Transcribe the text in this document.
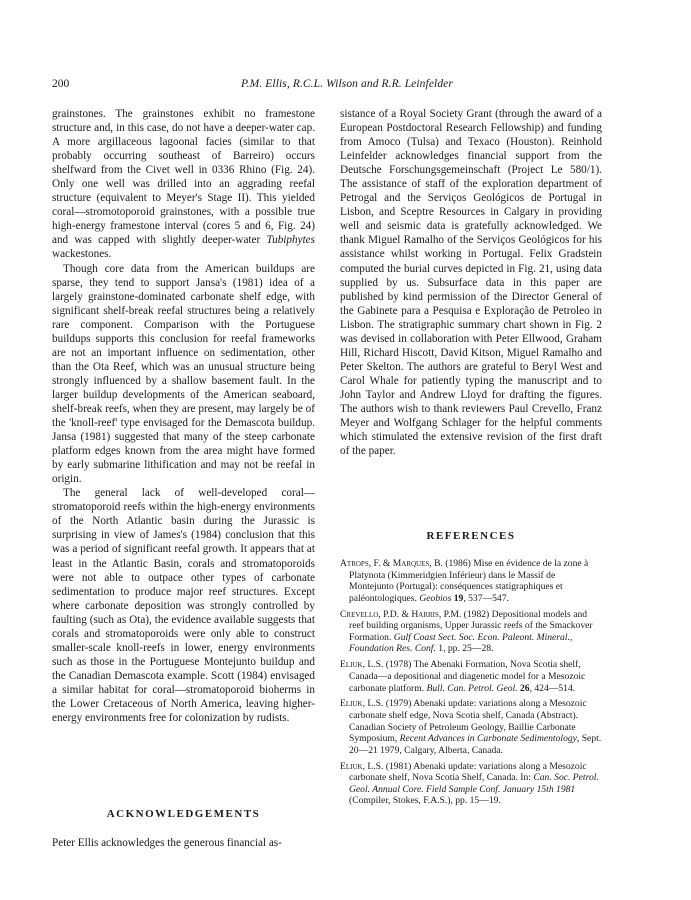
200	P.M. Ellis, R.C.L. Wilson and R.R. Leinfelder

grainstones. The grainstones exhibit no framestone structure and, in this case, do not have a deeper-water cap. A more argillaceous lagoonal facies (similar to that probably occurring southeast of Barreiro) occurs shelfward from the Civet well in 0336 Rhino (Fig. 24). Only one well was drilled into an aggrading reefal structure (equivalent to Meyer's Stage II). This yielded coral—stromotoporoid grainstones, with a possible true high-energy framestone interval (cores 5 and 6, Fig. 24) and was capped with slightly deeper-water Tubiphytes wackestones.

Though core data from the American buildups are sparse, they tend to support Jansa's (1981) idea of a largely grainstone-dominated carbonate shelf edge, with significant shelf-break reefal structures being a relatively rare component. Comparison with the Portuguese buildups supports this conclusion for reefal frameworks are not an important influence on sedimentation, other than the Ota Reef, which was an unusual structure being strongly influenced by a shallow basement fault. In the larger buildup developments of the American seaboard, shelf-break reefs, when they are present, may largely be of the 'knoll-reef' type envisaged for the Demascota buildup. Jansa (1981) suggested that many of the steep carbonate platform edges known from the area might have formed by early submarine lithification and may not be reefal in origin.

The general lack of well-developed coral—stromatoporoid reefs within the high-energy environments of the North Atlantic basin during the Jurassic is surprising in view of James's (1984) conclusion that this was a period of significant reefal growth. It appears that at least in the Atlantic Basin, corals and stromatoporoids were not able to outpace other types of carbonate sedimentation to produce major reef structures. Except where carbonate deposition was strongly controlled by faulting (such as Ota), the evidence available suggests that corals and stromatoporoids were only able to construct smaller-scale knoll-reefs in lower, energy environments such as those in the Portuguese Montejunto buildup and the Canadian Demascota example. Scott (1984) envisaged a similar habitat for coral—stromatoporoid bioherms in the Lower Cretaceous of North America, leaving higher-energy environments free for colonization by rudists.

ACKNOWLEDGEMENTS
Peter Ellis acknowledges the generous financial as-

sistance of a Royal Society Grant (through the award of a European Postdoctoral Research Fellowship) and funding from Amoco (Tulsa) and Texaco (Houston). Reinhold Leinfelder acknowledges financial support from the Deutsche Forschungsgemeinschaft (Project Le 580/1). The assistance of staff of the exploration department of Petrogal and the Serviços Geológicos de Portugal in Lisbon, and Sceptre Resources in Calgary in providing well and seismic data is gratefully acknowledged. We thank Miguel Ramalho of the Serviços Geológicos for his assistance whilst working in Portugal. Felix Gradstein computed the burial curves depicted in Fig. 21, using data supplied by us. Subsurface data in this paper are published by kind permission of the Director General of the Gabinete para a Pesquisa e Exploração de Petroleo in Lisbon. The stratigraphic summary chart shown in Fig. 2 was devised in collaboration with Peter Ellwood, Graham Hill, Richard Hiscott, David Kitson, Miguel Ramalho and Peter Skelton. The authors are grateful to Beryl West and Carol Whale for patiently typing the manuscript and to John Taylor and Andrew Lloyd for drafting the figures. The authors wish to thank reviewers Paul Crevello, Franz Meyer and Wolfgang Schlager for the helpful comments which stimulated the extensive revision of the first draft of the paper.

REFERENCES

Atrops, F. & Marques, B. (1986) Mise en évidence de la zone à Platynota (Kimmeridgien Inférieur) dans le Massif de Montejunto (Portugal): conséquences statigraphiques et paléontologiques. Geobios 19, 537—547.

Crevello, P.D. & Harris, P.M. (1982) Depositional models and reef building organisms, Upper Jurassic reefs of the Smackover Formation. Gulf Coast Sect. Soc. Econ. Paleont. Mineral., Foundation Res. Conf. 1, pp. 25—28.

Eliuk, L.S. (1978) The Abenaki Formation, Nova Scotia shelf, Canada—a depositional and diagenetic model for a Mesozoic carbonate platform. Bull. Can. Petrol. Geol. 26, 424—514.

Eliuk, L.S. (1979) Abenaki update: variations along a Mesozoic carbonate shelf edge, Nova Scotia shelf, Canada (Abstract). Canadian Society of Petroleum Geology, Baillie Carbonate Symposium, Recent Advances in Carbonate Sedimentology, Sept. 20—21 1979, Calgary, Alberta, Canada.

Eliuk, L.S. (1981) Abenaki update: variations along a Mesozoic carbonate shelf, Nova Scotia Shelf, Canada. In: Can. Soc. Petrol. Geol. Annual Core. Field Sample Conf. January 15th 1981 (Compiler, Stokes, F.A.S.), pp. 15—19.
